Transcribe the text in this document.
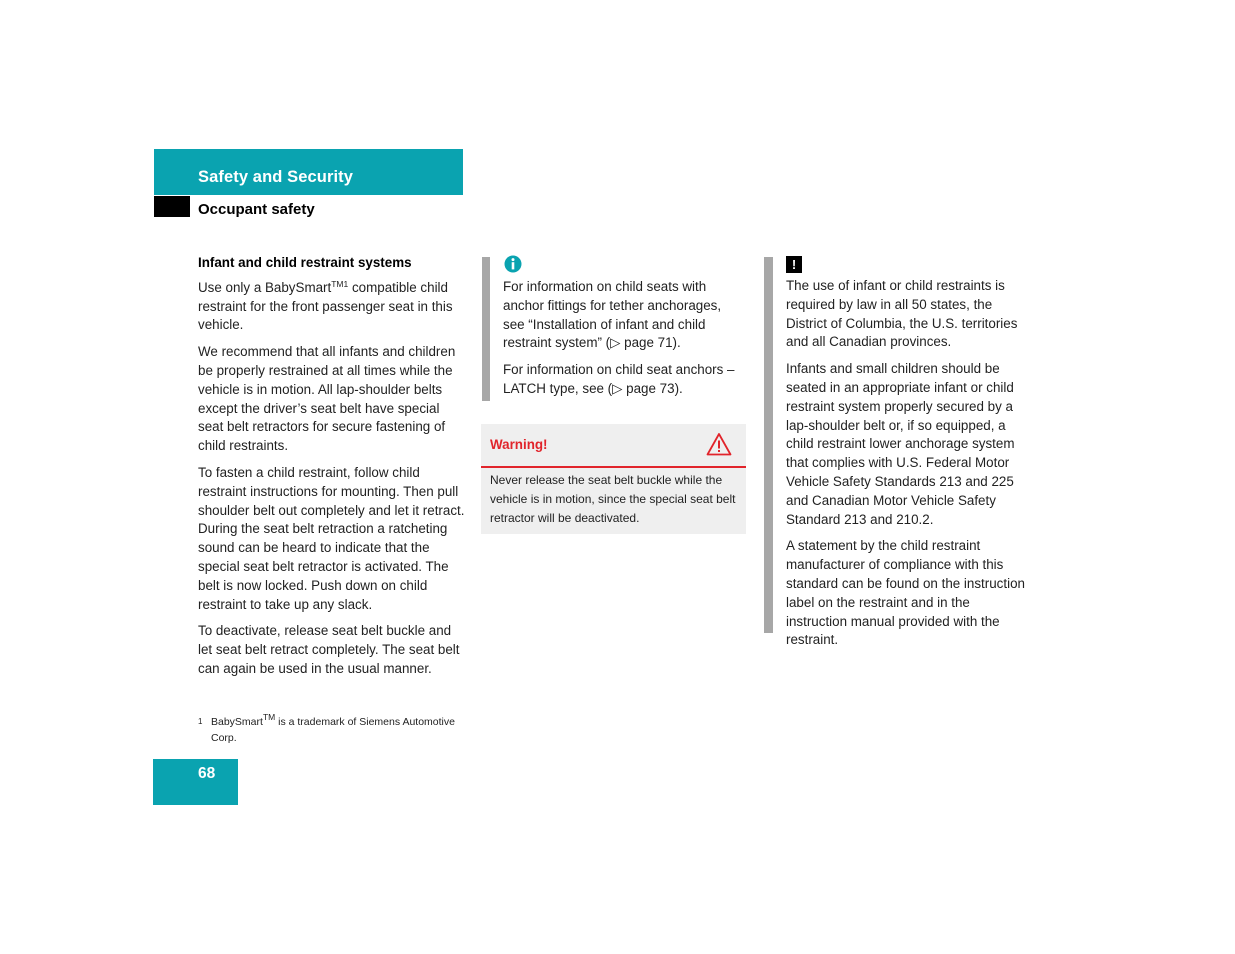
Safety and Security
Occupant safety
Infant and child restraint systems

Use only a BabySmart$^{TM1}$ compatible child restraint for the front passenger seat in this vehicle.

We recommend that all infants and children be properly restrained at all times while the vehicle is in motion. All lap-shoulder belts except the driver’s seat belt have special seat belt retractors for secure fastening of child restraints.

To fasten a child restraint, follow child restraint instructions for mounting. Then pull shoulder belt out completely and let it retract. During the seat belt retraction a ratcheting sound can be heard to indicate that the special seat belt retractor is activated. The belt is now locked. Push down on child restraint to take up any slack.

To deactivate, release seat belt buckle and let seat belt retract completely. The seat belt can again be used in the usual manner.

For information on child seats with anchor fittings for tether anchorages, see “Installation of infant and child restraint system” (▷ page 71).

For information on child seat anchors – LATCH type, see (▷ page 73).

Warning!
Never release the seat belt buckle while the vehicle is in motion, since the special seat belt retractor will be deactivated.
!

The use of infant or child restraints is required by law in all 50 states, the District of Columbia, the U.S. territories and all Canadian provinces.

Infants and small children should be seated in an appropriate infant or child restraint system properly secured by a lap-shoulder belt or, if so equipped, a child restraint lower anchorage system that complies with U.S. Federal Motor Vehicle Safety Standards 213 and 225 and Canadian Motor Vehicle Safety Standard 213 and 210.2.

A statement by the child restraint manufacturer of compliance with this standard can be found on the instruction label on the restraint and in the instruction manual provided with the restraint.

1 BabySmart™ is a trademark of Siemens Automotive Corp.
68
